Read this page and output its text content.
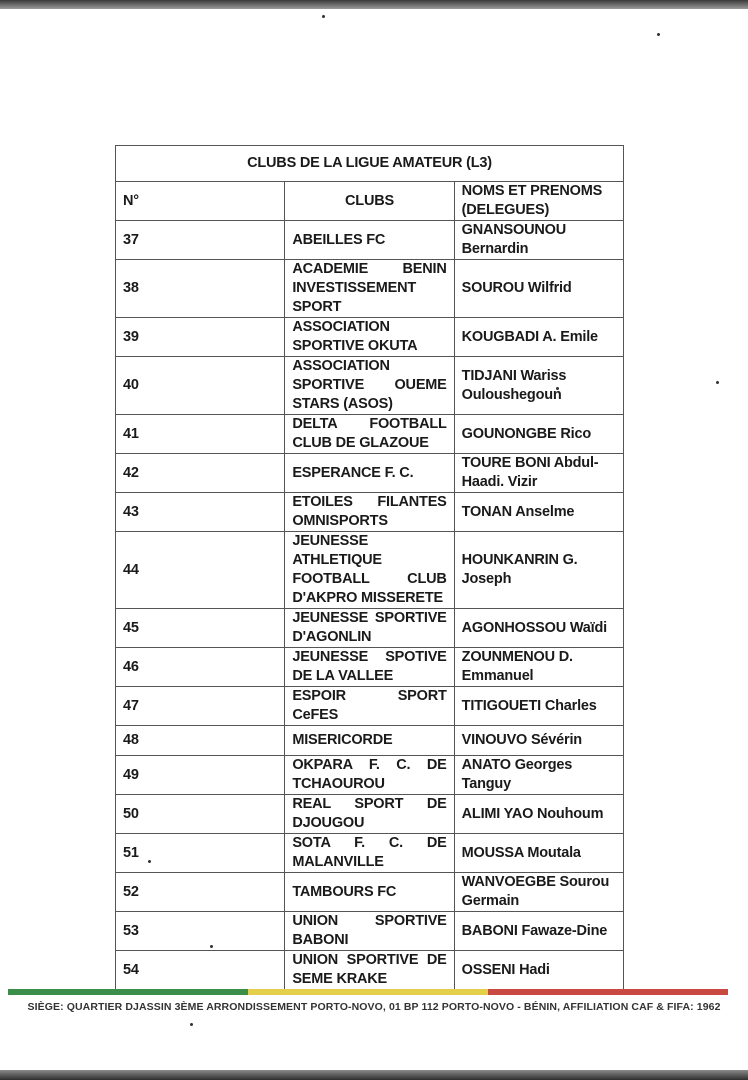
CLUBS DE LA LIGUE AMATEUR (L3)		
N°	CLUBS	NOMS ET PRENOMS (DELEGUES)
37	ABEILLES FC	GNANSOUNOU Bernardin
38	ACADEMIE BENIN INVESTISSEMENT SPORT	SOUROU Wilfrid
39	ASSOCIATION SPORTIVE OKUTA	KOUGBADI A. Emile
40	ASSOCIATION SPORTIVE OUEME STARS (ASOS)	TIDJANI Wariss Ouloushegoun
41	DELTA FOOTBALL CLUB DE GLAZOUE	GOUNONGBE Rico
42	ESPERANCE F. C.	TOURE BONI Abdul-Haadi. Vizir
43	ETOILES FILANTES OMNISPORTS	TONAN Anselme
44	JEUNESSE ATHLETIQUE FOOTBALL CLUB D'AKPRO MISSERETE	HOUNKANRIN G. Joseph
45	JEUNESSE SPORTIVE D'AGONLIN	AGONHOSSOU Waïdi
46	JEUNESSE SPOTIVE DE LA VALLEE	ZOUNMENOU D. Emmanuel
47	ESPOIR SPORT CeFES	TITIGOUETI Charles
48	MISERICORDE	VINOUVO Sévérin
49	OKPARA F. C. DE TCHAOUROU	ANATO Georges Tanguy
50	REAL SPORT DE DJOUGOU	ALIMI YAO Nouhoum
51	SOTA F. C. DE MALANVILLE	MOUSSA Moutala
52	TAMBOURS FC	WANVOEGBE Sourou Germain
53	UNION SPORTIVE BABONI	BABONI Fawaze-Dine
54	UNION SPORTIVE DE SEME KRAKE	OSSENI Hadi
SIÈGE: QUARTIER DJASSIN 3ÈME ARRONDISSEMENT PORTO-NOVO, 01 BP 112 PORTO-NOVO - BÉNIN, AFFILIATION CAF & FIFA: 1962
